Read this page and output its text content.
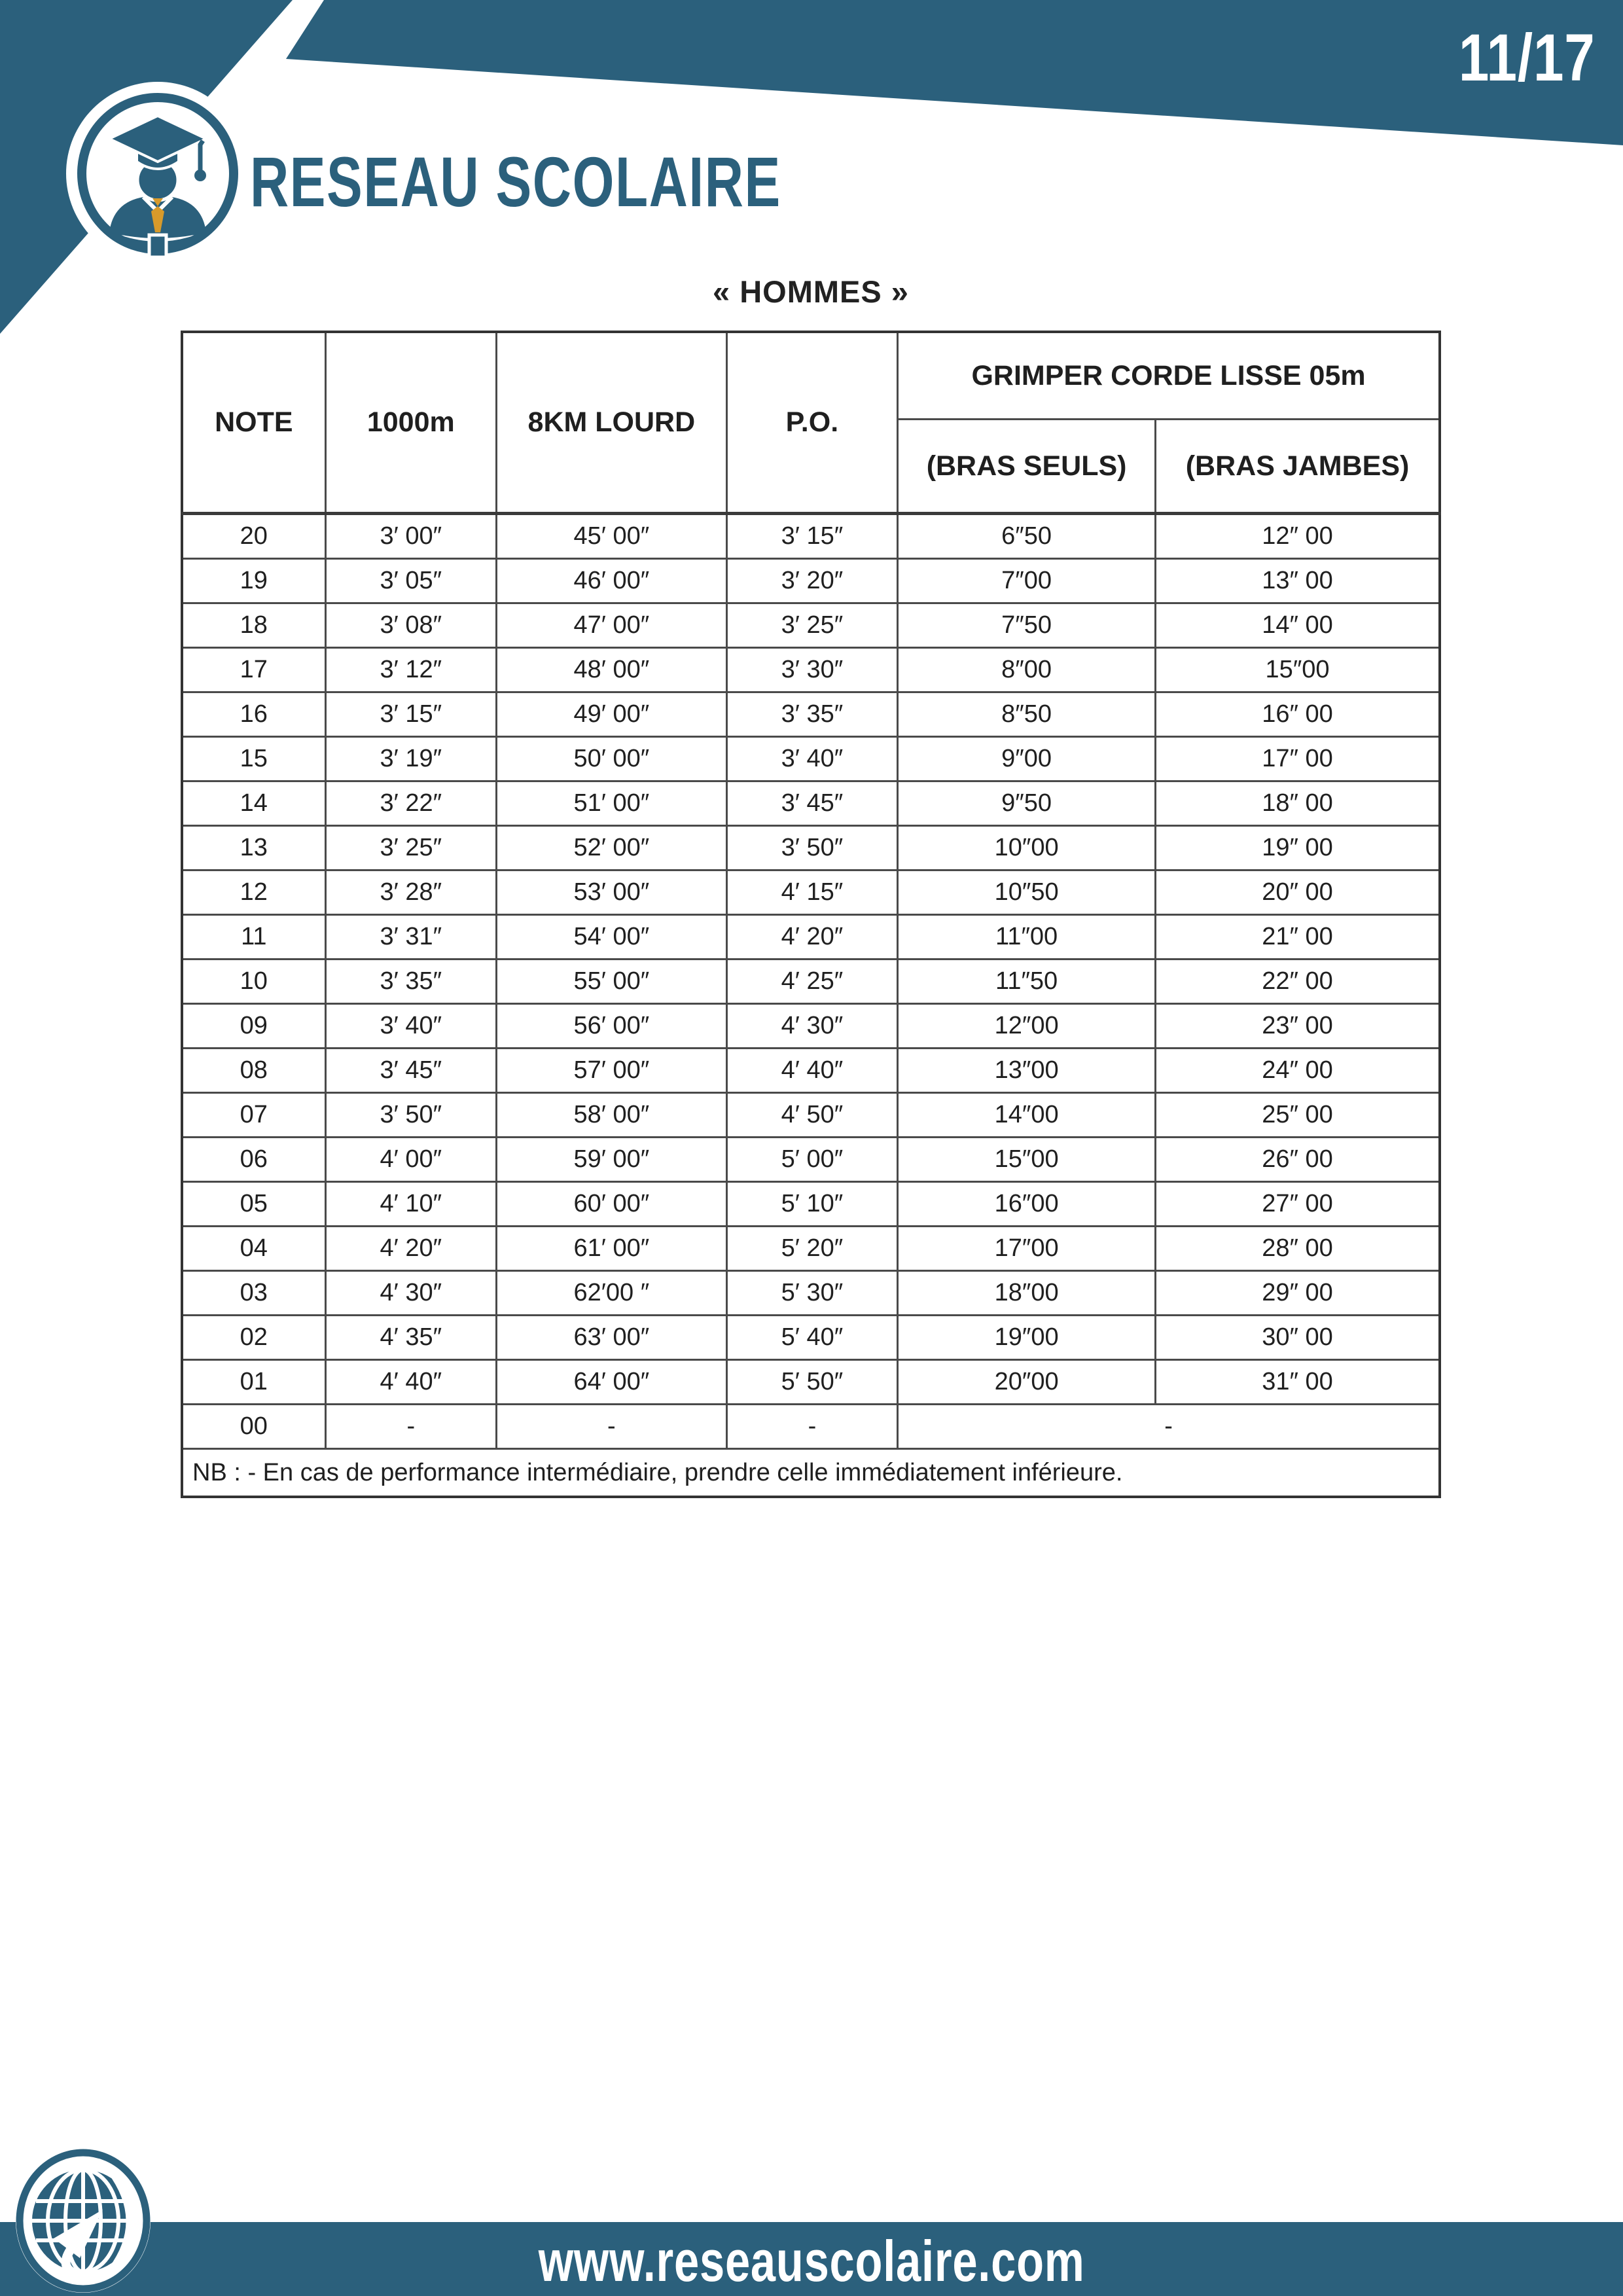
11/17
RESEAU SCOLAIRE
« HOMMES »
NOTE	1000m	8KM LOURD	P.O.	GRIMPER CORDE LISSE 05m	
				(BRAS SEULS)	(BRAS JAMBES)
20	3′ 00″	45′ 00″	3′ 15″	6″50	12″ 00
19	3′ 05″	46′ 00″	3′ 20″	7″00	13″ 00
18	3′ 08″	47′ 00″	3′ 25″	7″50	14″ 00
17	3′ 12″	48′ 00″	3′ 30″	8″00	15″00
16	3′ 15″	49′ 00″	3′ 35″	8″50	16″ 00
15	3′ 19″	50′ 00″	3′ 40″	9″00	17″ 00
14	3′ 22″	51′ 00″	3′ 45″	9″50	18″ 00
13	3′ 25″	52′ 00″	3′ 50″	10″00	19″ 00
12	3′ 28″	53′ 00″	4′ 15″	10″50	20″ 00
11	3′ 31″	54′ 00″	4′ 20″	11″00	21″ 00
10	3′ 35″	55′ 00″	4′ 25″	11″50	22″ 00
09	3′ 40″	56′ 00″	4′ 30″	12″00	23″ 00
08	3′ 45″	57′ 00″	4′ 40″	13″00	24″ 00
07	3′ 50″	58′ 00″	4′ 50″	14″00	25″ 00
06	4′ 00″	59′ 00″	5′ 00″	15″00	26″ 00
05	4′ 10″	60′ 00″	5′ 10″	16″00	27″ 00
04	4′ 20″	61′ 00″	5′ 20″	17″00	28″ 00
03	4′ 30″	62′00 ″	5′ 30″	18″00	29″ 00
02	4′ 35″	63′ 00″	5′ 40″	19″00	30″ 00
01	4′ 40″	64′ 00″	5′ 50″	20″00	31″ 00
00	-	-	-	-	
NB : - En cas de performance intermédiaire, prendre celle immédiatement inférieure.					
www.reseauscolaire.com
